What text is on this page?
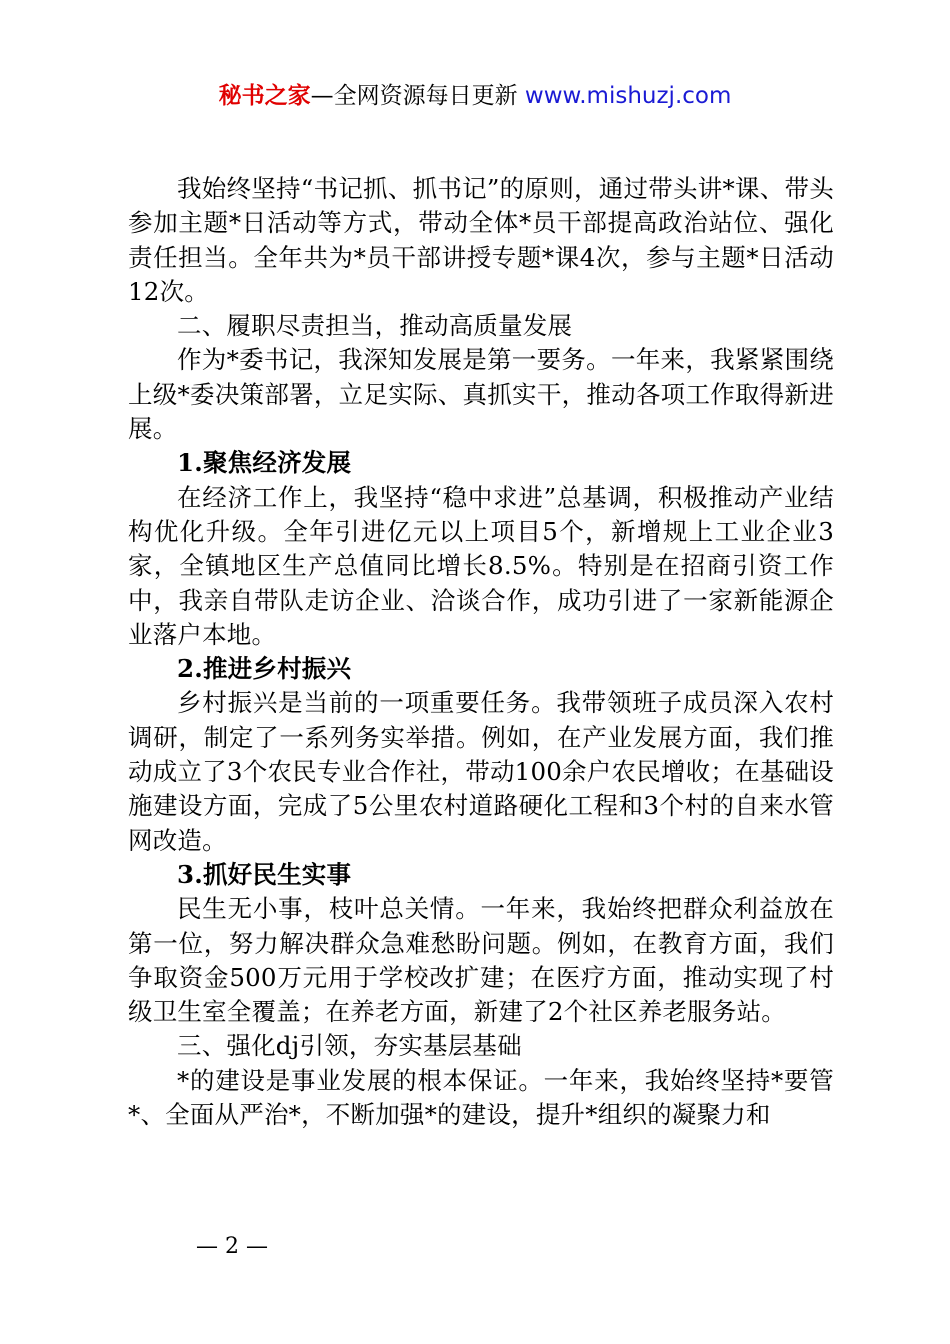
秘书之家—全网资源每日更新 www.mishuzj.com

我始终坚持“书记抓、抓书记”的原则，通过带头讲*课、带头参加主题*日活动等方式，带动全体*员干部提高政治站位、强化责任担当。全年共为*员干部讲授专题*课4次，参与主题*日活动12次。

二、履职尽责担当，推动高质量发展

作为*委书记，我深知发展是第一要务。一年来，我紧紧围绕上级*委决策部署，立足实际、真抓实干，推动各项工作取得新进展。

1.聚焦经济发展

在经济工作上，我坚持“稳中求进”总基调，积极推动产业结构优化升级。全年引进亿元以上项目5个，新增规上工业企业3家，全镇地区生产总值同比增长8.5%。特别是在招商引资工作中，我亲自带队走访企业、洽谈合作，成功引进了一家新能源企业落户本地。

2.推进乡村振兴

乡村振兴是当前的一项重要任务。我带领班子成员深入农村调研，制定了一系列务实举措。例如，在产业发展方面，我们推动成立了3个农民专业合作社，带动100余户农民增收；在基础设施建设方面，完成了5公里农村道路硬化工程和3个村的自来水管网改造。

3.抓好民生实事

民生无小事，枝叶总关情。一年来，我始终把群众利益放在第一位，努力解决群众急难愁盼问题。例如，在教育方面，我们争取资金500万元用于学校改扩建；在医疗方面，推动实现了村级卫生室全覆盖；在养老方面，新建了2个社区养老服务站。

三、强化dj引领，夯实基层基础

*的建设是事业发展的根本保证。一年来，我始终坚持*要管*、全面从严治*，不断加强*的建设，提升*组织的凝聚力和

— 2 —
